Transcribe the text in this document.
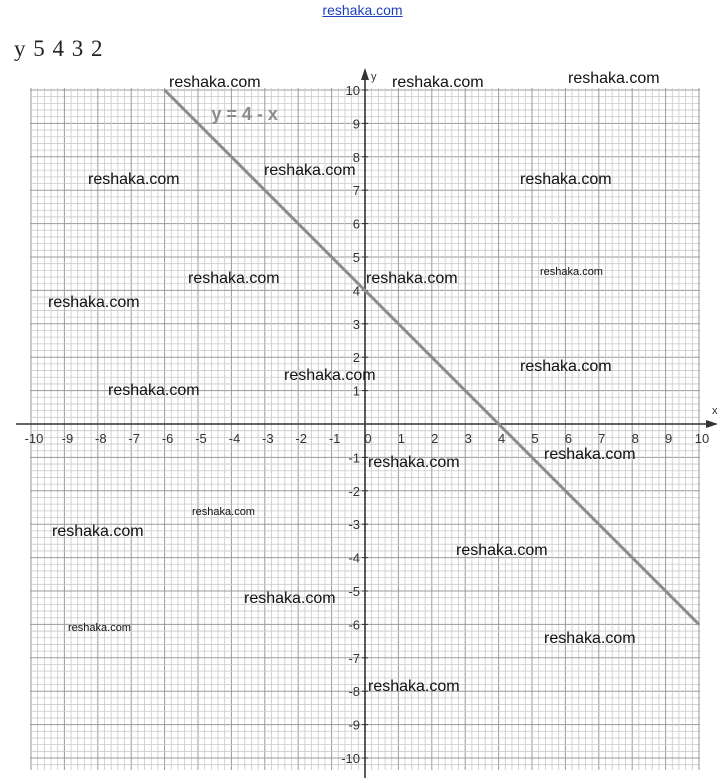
reshaka.com
y 5 4 3 2
x
y
-10 -9 -8 -7 -6 -5 -4 -3 -2 -1 0 1 2 3 4 5 6 7 8 9 10
10
9
8
7
6
5
4
3
2
1
-1
-2
-3
-4
-5
-6
-7
-8
-9
-10
y = 4 - x
reshaka.com	reshaka.com	reshaka.com
reshaka.com
reshaka.com
reshaka.com
reshaka.com	reshaka.com	reshaka.com
reshaka.com
reshaka.com
reshaka.com
reshaka.com
reshaka.com	reshaka.com
reshaka.com
reshaka.com
reshaka.com
reshaka.com
reshaka.com
reshaka.com
reshaka.com
